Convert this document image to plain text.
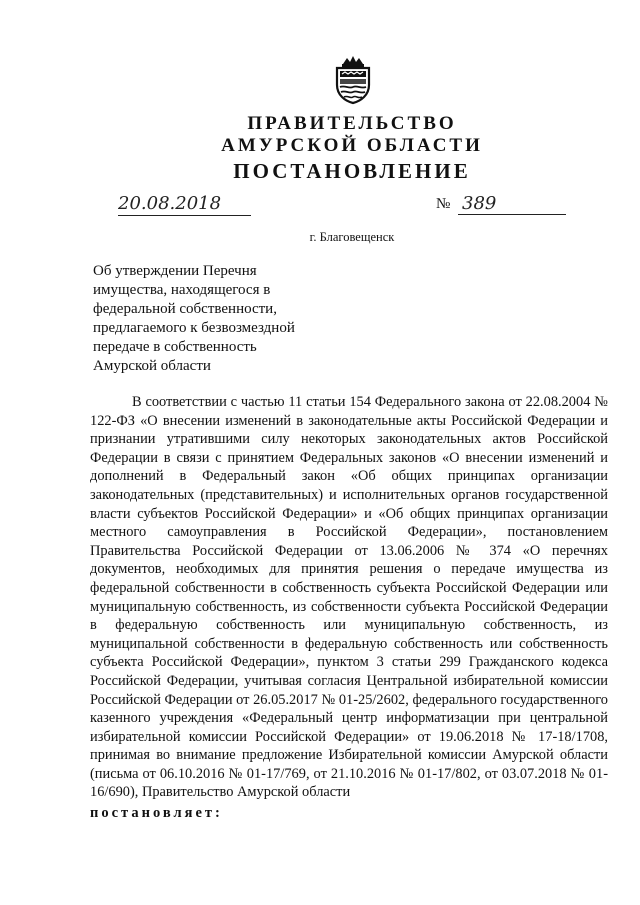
ПРАВИТЕЛЬСТВО
АМУРСКОЙ ОБЛАСТИ
ПОСТАНОВЛЕНИЕ
20.08.2018	№ 389
г. Благовещенск
Об утверждении Перечня имущества, находящегося в федеральной собственности, предлагаемого к безвозмездной передаче в собственность Амурской области

В соответствии с частью 11 статьи 154 Федерального закона от 22.08.2004 № 122-ФЗ «О внесении изменений в законодательные акты Российской Федерации и признании утратившими силу некоторых законодательных актов Российской Федерации в связи с принятием Федеральных законов «О внесении изменений и дополнений в Федеральный закон «Об общих принципах организации законодательных (представительных) и исполнительных органов государственной власти субъектов Российской Федерации» и «Об общих принципах организации местного самоуправления в Российской Федерации», постановлением Правительства Российской Федерации от 13.06.2006 № 374 «О перечнях документов, необходимых для принятия решения о передаче имущества из федеральной собственности в собственность субъекта Российской Федерации или муниципальную собственность, из собственности субъекта Российской Федерации в федеральную собственность или муниципальную собственность, из муниципальной собственности в федеральную собственность или собственность субъекта Российской Федерации», пунктом 3 статьи 299 Гражданского кодекса Российской Федерации, учитывая согласия Центральной избирательной комиссии Российской Федерации от 26.05.2017 № 01-25/2602, федерального государственного казенного учреждения «Федеральный центр информатизации при центральной избирательной комиссии Российской Федерации» от 19.06.2018 № 17-18/1708, принимая во внимание предложение Избирательной комиссии Амурской области (письма от 06.10.2016 № 01-17/769, от 21.10.2016 № 01-17/802, от 03.07.2018 № 01-16/690), Правительство Амурской области

постановляет:
